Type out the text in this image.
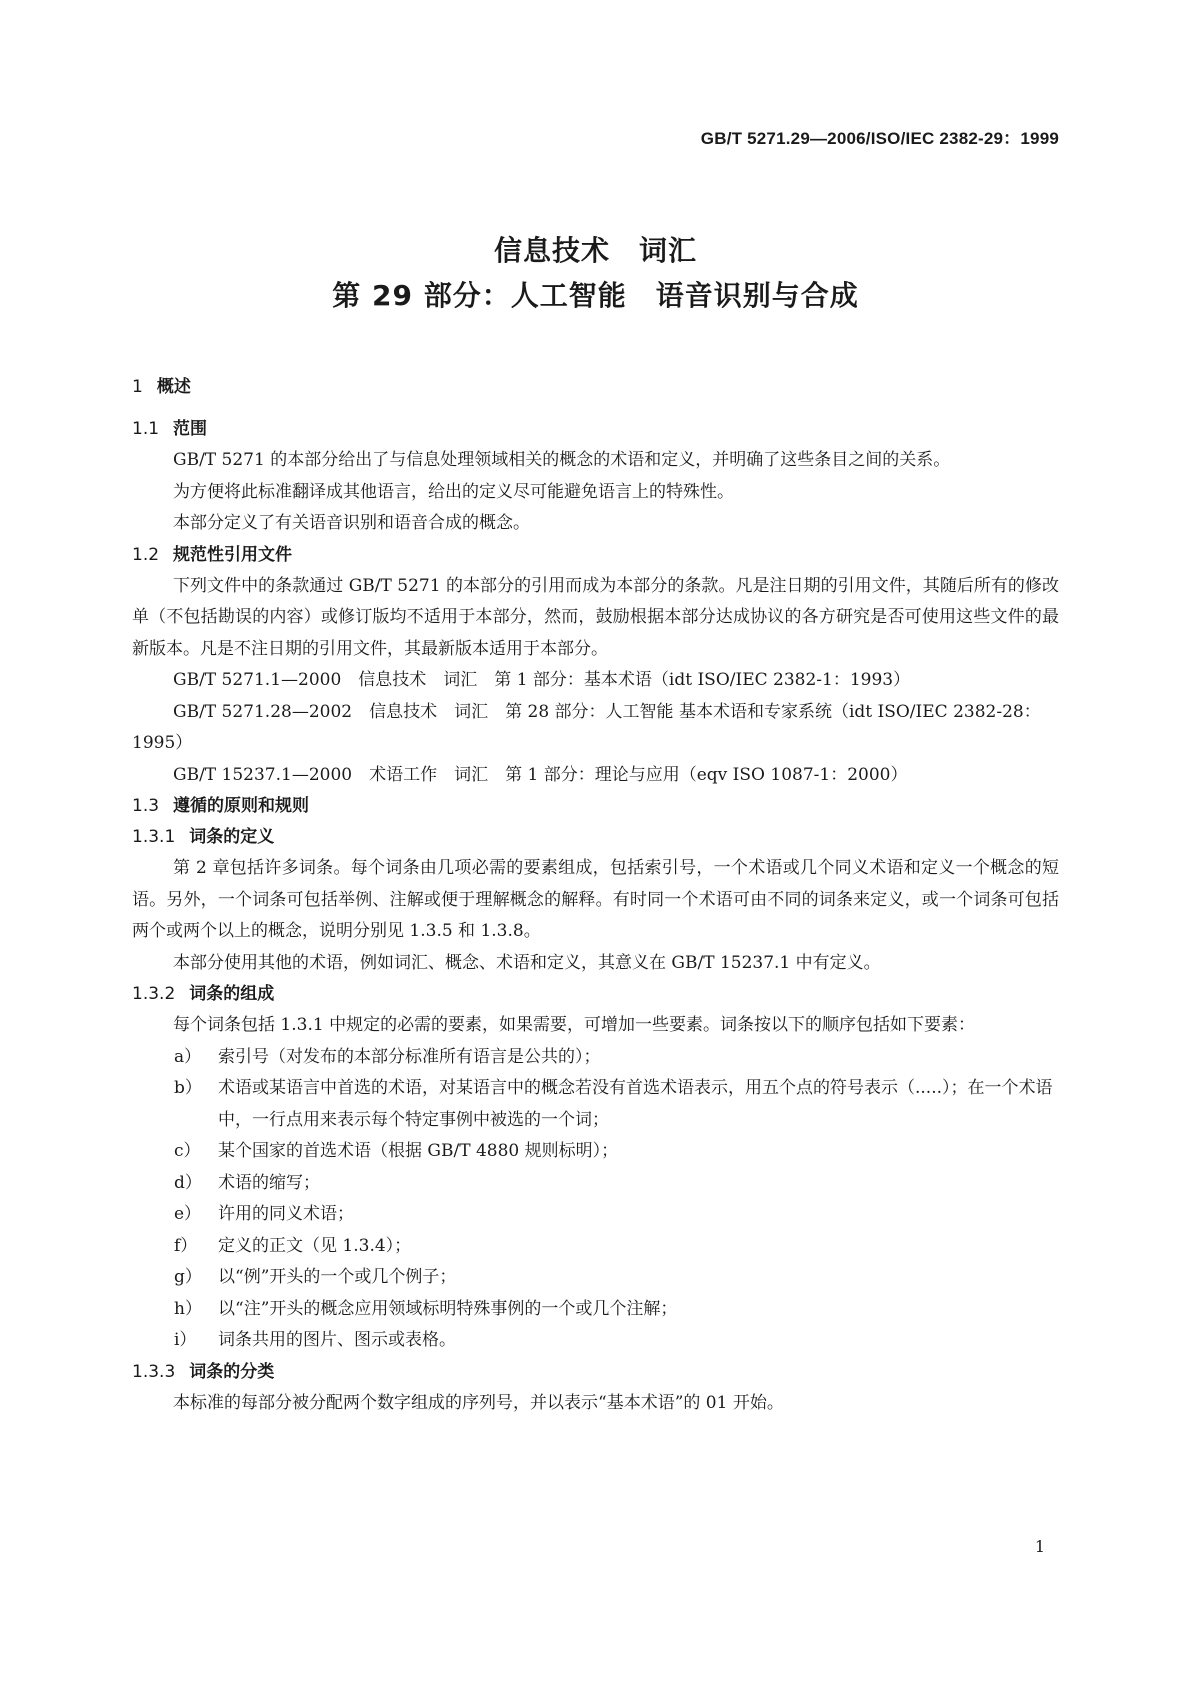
GB/T 5271.29—2006/ISO/IEC 2382-29：1999
信息技术　词汇
第 29 部分：人工智能　语音识别与合成
1 概述
1.1 范围

GB/T 5271 的本部分给出了与信息处理领域相关的概念的术语和定义，并明确了这些条目之间的关系。

为方便将此标准翻译成其他语言，给出的定义尽可能避免语言上的特殊性。

本部分定义了有关语音识别和语音合成的概念。

1.2 规范性引用文件

下列文件中的条款通过 GB/T 5271 的本部分的引用而成为本部分的条款。凡是注日期的引用文件，其随后所有的修改单（不包括勘误的内容）或修订版均不适用于本部分，然而，鼓励根据本部分达成协议的各方研究是否可使用这些文件的最新版本。凡是不注日期的引用文件，其最新版本适用于本部分。

GB/T 5271.1—2000　信息技术　词汇　第 1 部分：基本术语（idt ISO/IEC 2382-1：1993）

GB/T 5271.28—2002　信息技术　词汇　第 28 部分：人工智能 基本术语和专家系统（idt ISO/IEC 2382-28：1995）

GB/T 15237.1—2000　术语工作　词汇　第 1 部分：理论与应用（eqv ISO 1087-1：2000）

1.3 遵循的原则和规则
1.3.1 词条的定义

第 2 章包括许多词条。每个词条由几项必需的要素组成，包括索引号，一个术语或几个同义术语和定义一个概念的短语。另外，一个词条可包括举例、注解或便于理解概念的解释。有时同一个术语可由不同的词条来定义，或一个词条可包括两个或两个以上的概念，说明分别见 1.3.5 和 1.3.8。

本部分使用其他的术语，例如词汇、概念、术语和定义，其意义在 GB/T 15237.1 中有定义。

1.3.2 词条的组成

每个词条包括 1.3.1 中规定的必需的要素，如果需要，可增加一些要素。词条按以下的顺序包括如下要素：

a） 索引号（对发布的本部分标准所有语言是公共的）；
b） 术语或某语言中首选的术语，对某语言中的概念若没有首选术语表示，用五个点的符号表示（.....）；在一个术语中，一行点用来表示每个特定事例中被选的一个词；
c） 某个国家的首选术语（根据 GB/T 4880 规则标明）；
d） 术语的缩写；
e） 许用的同义术语；
f） 定义的正文（见 1.3.4）；
g） 以“例”开头的一个或几个例子；
h） 以“注”开头的概念应用领域标明特殊事例的一个或几个注解；
i） 词条共用的图片、图示或表格。
1.3.3 词条的分类

本标准的每部分被分配两个数字组成的序列号，并以表示“基本术语”的 01 开始。

1
